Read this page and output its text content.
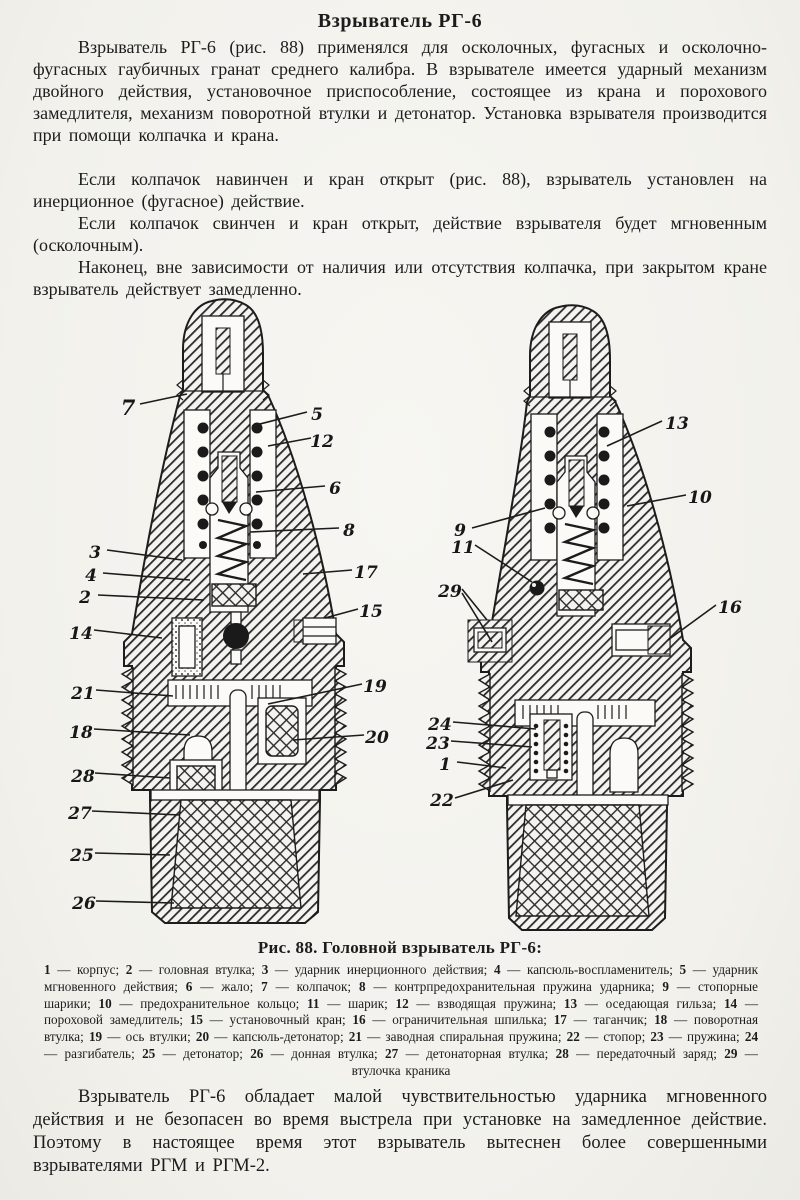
Взрыватель РГ-6

Взрыватель РГ-6 (рис. 88) применялся для осколочных, фугасных и осколочно-фугасных гаубичных гранат среднего калибра. В взрывателе имеется ударный механизм двойного действия, установочное приспособление, состоящее из крана и порохового замедлителя, механизм поворотной втулки и детонатор. Установка взрывателя производится при помощи колпачка и крана.

Если колпачок навинчен и кран открыт (рис. 88), взрыватель установлен на инерционное (фугасное) действие.

Если колпачок свинчен и кран открыт, действие взрывателя будет мгновенным (осколочным).

Наконец, вне зависимости от наличия или отсутствия колпачка, при закрытом кране взрыватель действует замедленно.

7	5
12
6
8
3
4
2
17
15
14
21
18
28
27
25
26
19
20
13
10
9
11
29
16
24
23
1
22

Рис. 88. Головной взрыватель РГ-6:

1 — корпус; 2 — головная втулка; 3 — ударник инерционного действия; 4 — капсюль-воспламенитель; 5 — ударник мгновенного действия; 6 — жало; 7 — колпачок; 8 — контрпредохранительная пружина ударника; 9 — стопорные шарики; 10 — предохранительное кольцо; 11 — шарик; 12 — взводящая пружина; 13 — оседающая гильза; 14 — пороховой замедлитель; 15 — установочный кран; 16 — ограничительная шпилька; 17 — таганчик; 18 — поворотная втулка; 19 — ось втулки; 20 — капсюль-детонатор; 21 — заводная спиральная пружина; 22 — стопор; 23 — пружина; 24 — разгибатель; 25 — детонатор; 26 — донная втулка; 27 — детонаторная втулка; 28 — передаточный заряд; 29 — втулочка краника

Взрыватель РГ-6 обладает малой чувствительностью ударника мгновенного действия и не безопасен во время выстрела при установке на замедленное действие. Поэтому в настоящее время этот взрыватель вытеснен более совершенными взрывателями РГМ и РГМ-2.
